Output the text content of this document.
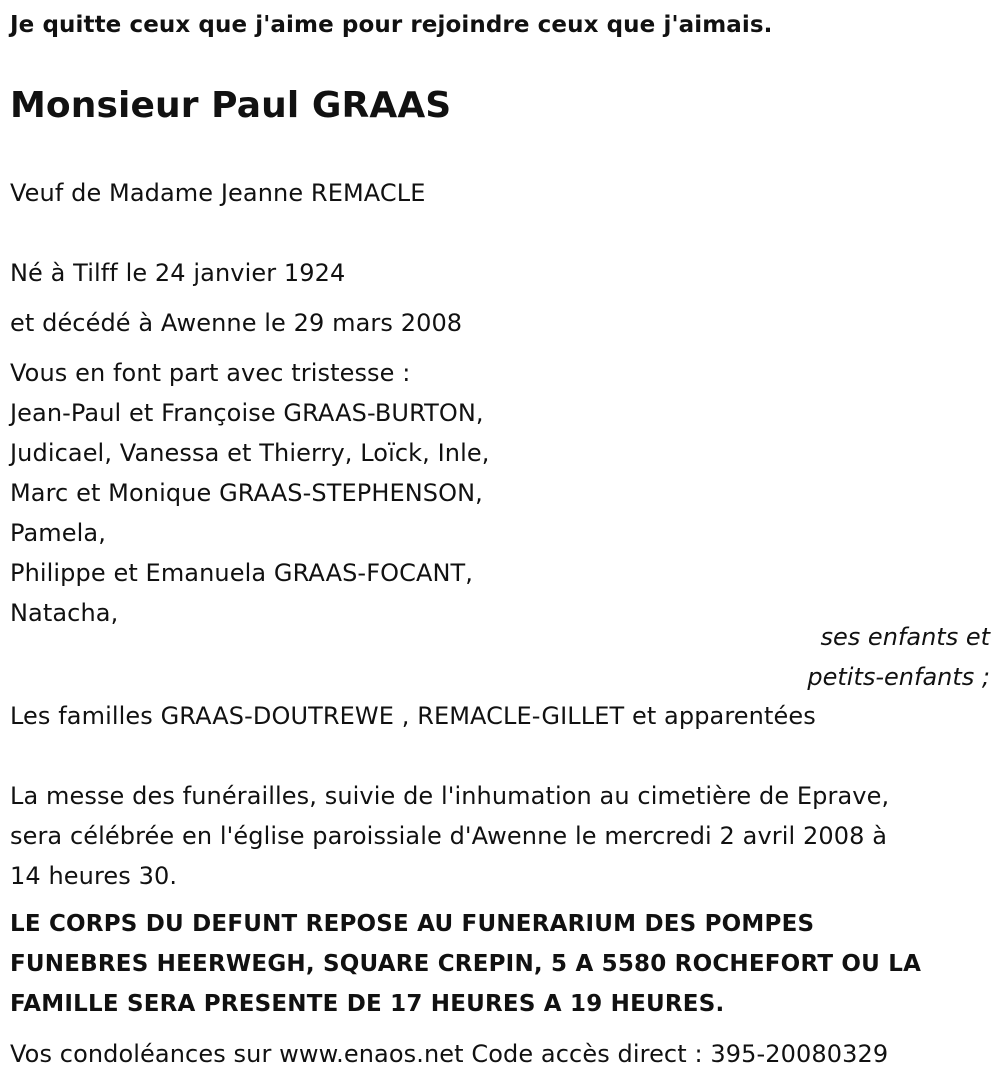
Je quitte ceux que j'aime pour rejoindre ceux que j'aimais.
Monsieur Paul GRAAS
Veuf de Madame Jeanne REMACLE
Né à Tilff le 24 janvier 1924
et décédé à Awenne le 29 mars 2008
Vous en font part avec tristesse :
Jean-Paul et Françoise GRAAS-BURTON,
Judicael, Vanessa et Thierry, Loïck, Inle,
Marc et Monique GRAAS-STEPHENSON,
Pamela,
Philippe et Emanuela GRAAS-FOCANT,
Natacha,
ses enfants et
petits-enfants ;
Les familles GRAAS-DOUTREWE , REMACLE-GILLET et apparentées
La messe des funérailles, suivie de l'inhumation au cimetière de Eprave,
sera célébrée en l'église paroissiale d'Awenne le mercredi 2 avril 2008 à
14 heures 30.
LE CORPS DU DEFUNT REPOSE AU FUNERARIUM DES POMPES
FUNEBRES HEERWEGH, SQUARE CREPIN, 5 A 5580 ROCHEFORT OU LA
FAMILLE SERA PRESENTE DE 17 HEURES A 19 HEURES.
Vos condoléances sur www.enaos.net Code accès direct : 395-20080329
